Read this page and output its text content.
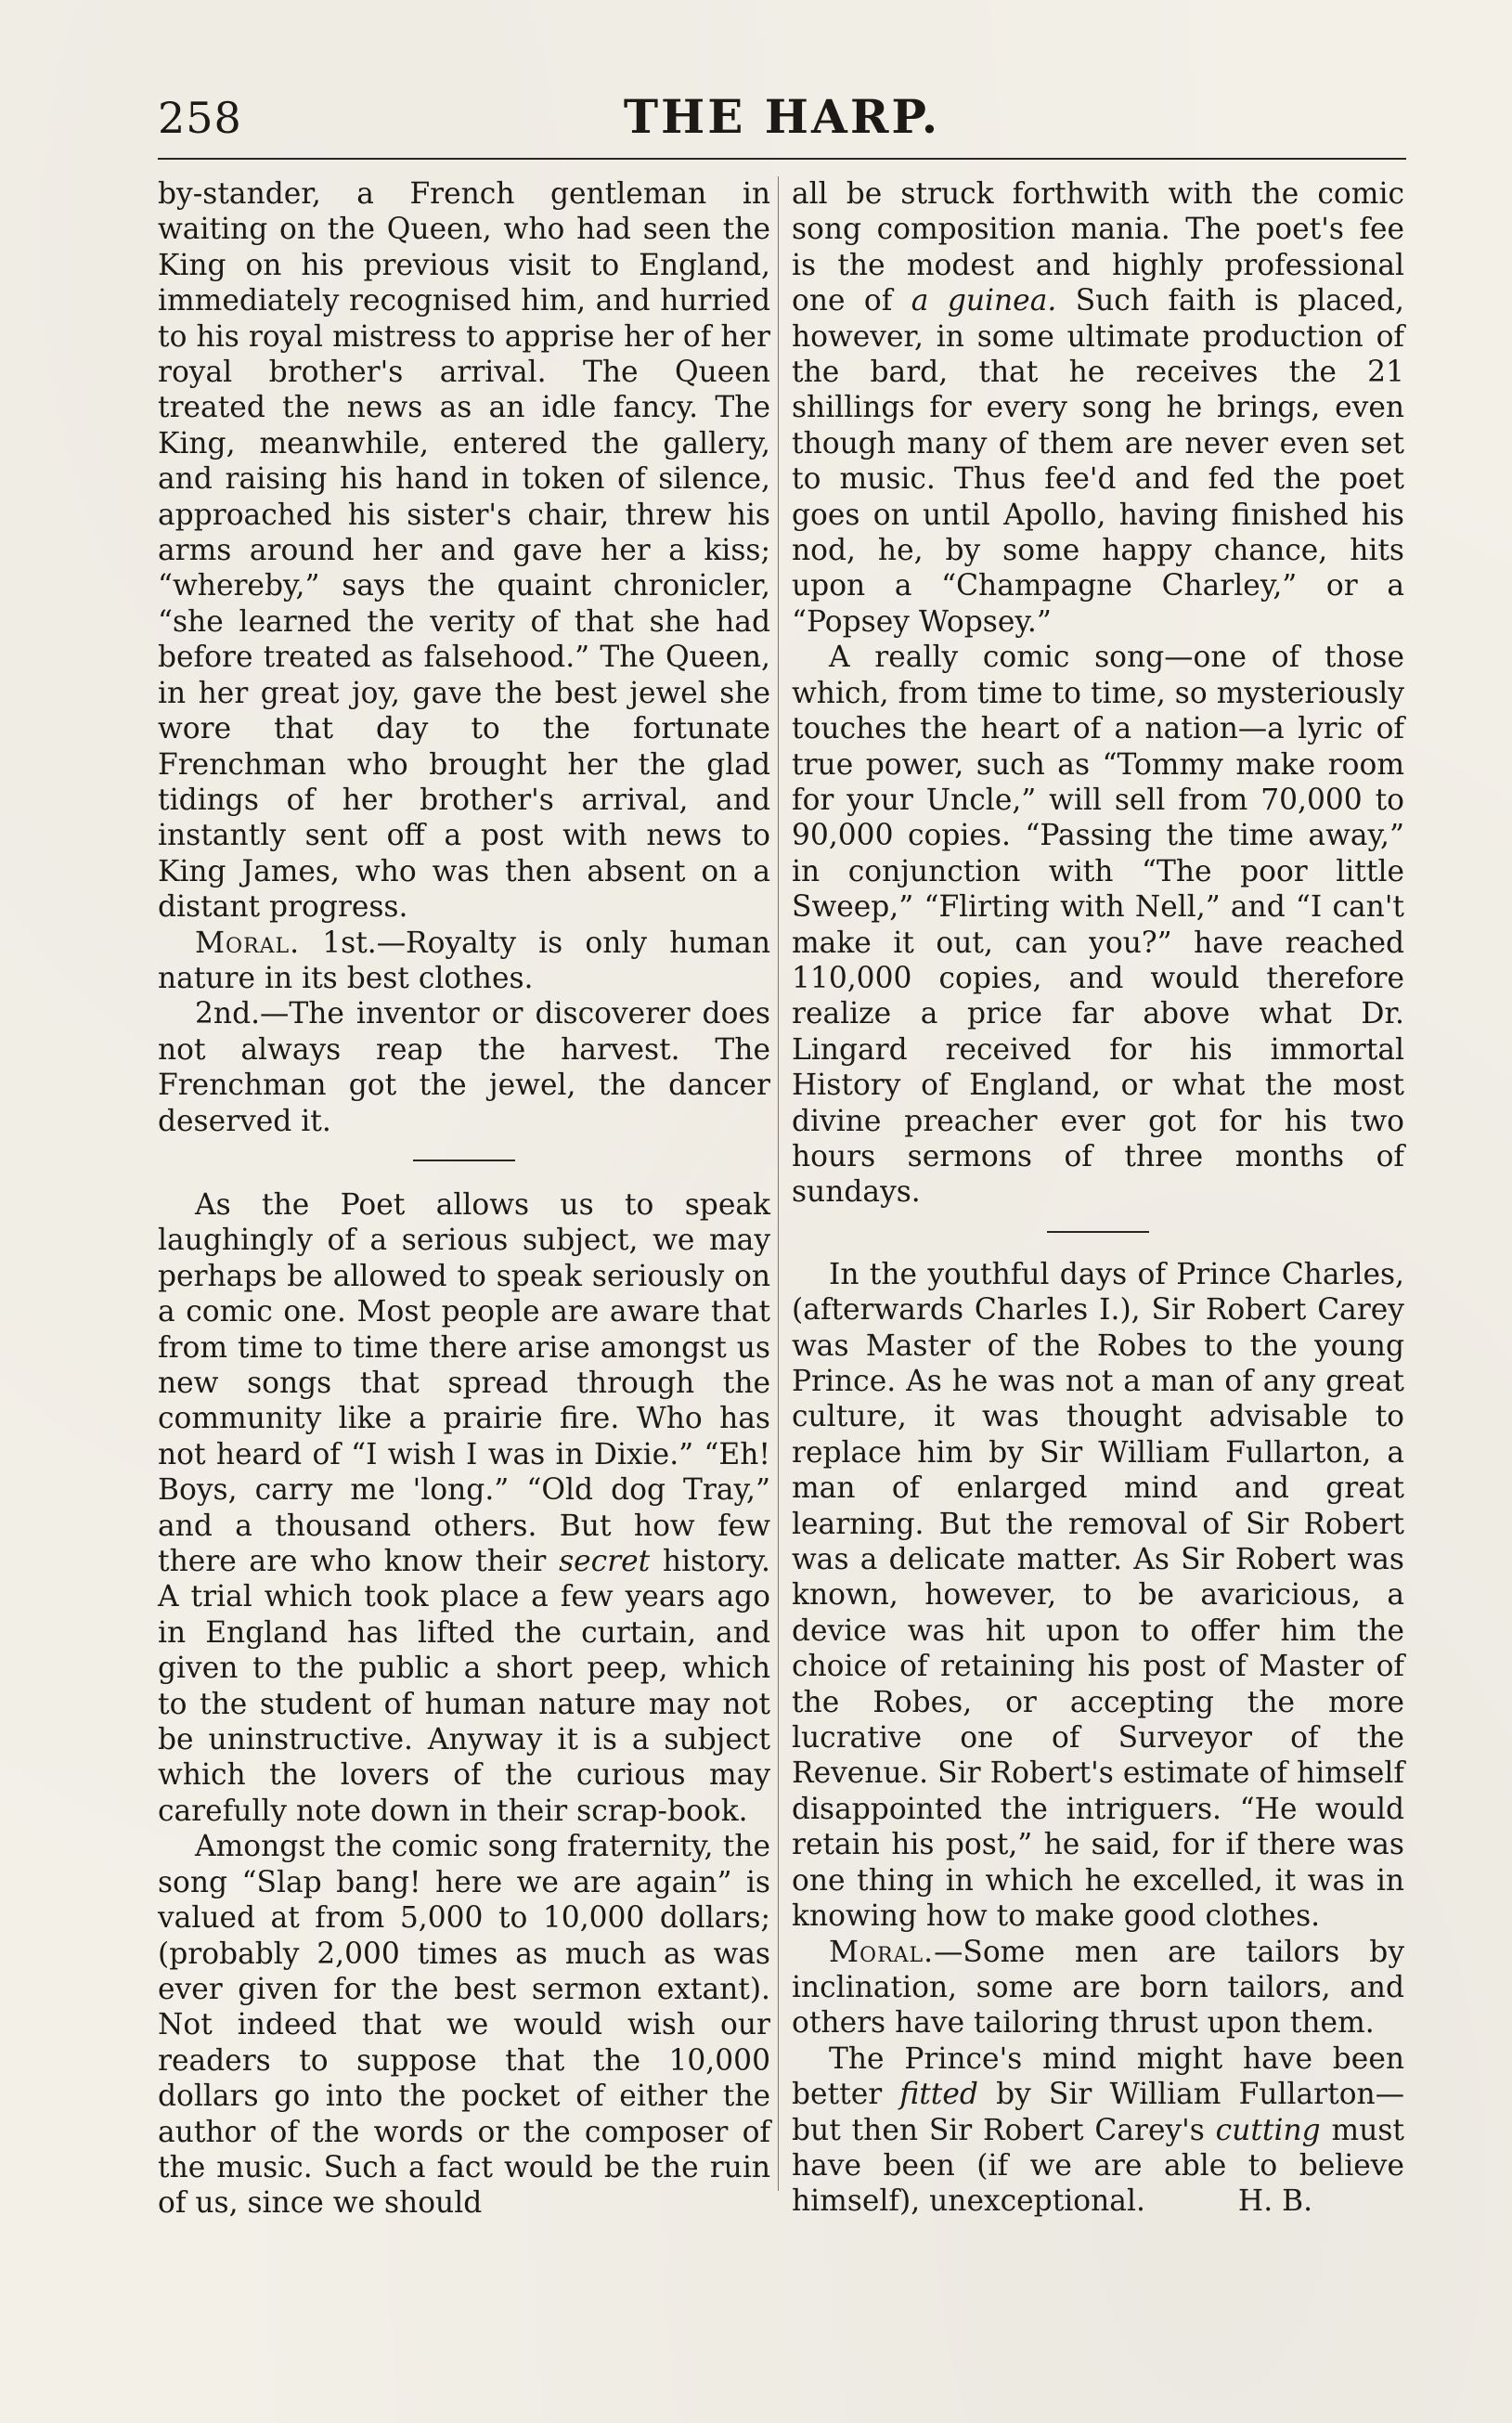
258	THE HARP.

by-stander, a French gentleman in waiting on the Queen, who had seen the King on his previous visit to England, immediately recognised him, and hurried to his royal mistress to apprise her of her royal brother's arrival. The Queen treated the news as an idle fancy. The King, meanwhile, entered the gallery, and raising his hand in token of silence, approached his sister's chair, threw his arms around her and gave her a kiss; “whereby,” says the quaint chronicler, “she learned the verity of that she had before treated as falsehood.” The Queen, in her great joy, gave the best jewel she wore that day to the fortunate Frenchman who brought her the glad tidings of her brother's arrival, and instantly sent off a post with news to King James, who was then absent on a distant progress.

Moral. 1st.—Royalty is only human nature in its best clothes.

2nd.—The inventor or discoverer does not always reap the harvest. The Frenchman got the jewel, the dancer deserved it.

As the Poet allows us to speak laughingly of a serious subject, we may perhaps be allowed to speak seriously on a comic one. Most people are aware that from time to time there arise amongst us new songs that spread through the community like a prairie fire. Who has not heard of “I wish I was in Dixie.” “Eh! Boys, carry me 'long.” “Old dog Tray,” and a thousand others. But how few there are who know their secret history. A trial which took place a few years ago in England has lifted the curtain, and given to the public a short peep, which to the student of human nature may not be uninstructive. Anyway it is a subject which the lovers of the curious may carefully note down in their scrap-book.

Amongst the comic song fraternity, the song “Slap bang! here we are again” is valued at from 5,000 to 10,000 dollars; (probably 2,000 times as much as was ever given for the best sermon extant). Not indeed that we would wish our readers to suppose that the 10,000 dollars go into the pocket of either the author of the words or the composer of the music. Such a fact would be the ruin of us, since we should

all be struck forthwith with the comic song composition mania. The poet's fee is the modest and highly professional one of a guinea. Such faith is placed, however, in some ultimate production of the bard, that he receives the 21 shillings for every song he brings, even though many of them are never even set to music. Thus fee'd and fed the poet goes on until Apollo, having finished his nod, he, by some happy chance, hits upon a “Champagne Charley,” or a “Popsey Wopsey.”

A really comic song—one of those which, from time to time, so mysteriously touches the heart of a nation—a lyric of true power, such as “Tommy make room for your Uncle,” will sell from 70,000 to 90,000 copies. “Passing the time away,” in conjunction with “The poor little Sweep,” “Flirting with Nell,” and “I can't make it out, can you?” have reached 110,000 copies, and would therefore realize a price far above what Dr. Lingard received for his immortal History of England, or what the most divine preacher ever got for his two hours sermons of three months of sundays.

In the youthful days of Prince Charles, (afterwards Charles I.), Sir Robert Carey was Master of the Robes to the young Prince. As he was not a man of any great culture, it was thought advisable to replace him by Sir William Fullarton, a man of enlarged mind and great learning. But the removal of Sir Robert was a delicate matter. As Sir Robert was known, however, to be avaricious, a device was hit upon to offer him the choice of retaining his post of Master of the Robes, or accepting the more lucrative one of Surveyor of the Revenue. Sir Robert's estimate of himself disappointed the intriguers. “He would retain his post,” he said, for if there was one thing in which he excelled, it was in knowing how to make good clothes.

Moral.—Some men are tailors by inclination, some are born tailors, and others have tailoring thrust upon them.

The Prince's mind might have been better fitted by Sir William Fullarton—but then Sir Robert Carey's cutting must have been (if we are able to believe himself), unexceptional.	H. B.
